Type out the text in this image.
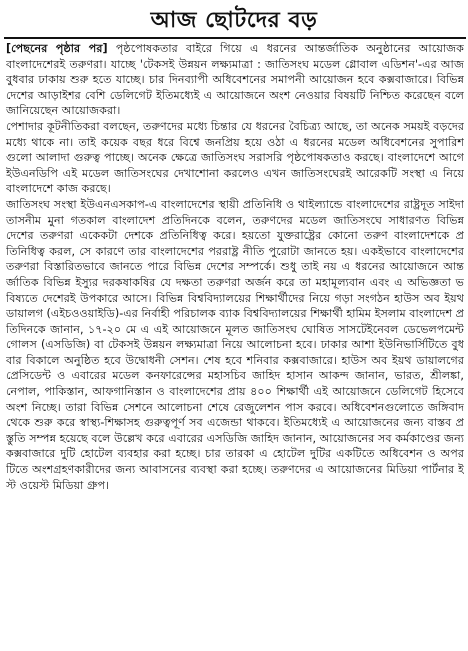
আজ ছোটদের বড়

[পেছনের পৃষ্ঠার পর] পৃষ্ঠপোষকতার বাইরে গিয়ে এ ধরনের আন্তর্জাতিক অনুষ্ঠানের আয়োজক বাংলাদেশেরই তরুণরা। যাচ্ছে 'টেকসই উন্নয়ন লক্ষ্যমাত্রা : জাতিসংঘ মডেল গ্লোবাল এডিশন'-এর আজ বুধবার ঢাকায় শুরু হতে যাচ্ছে। চার দিনব্যাপী অধিবেশনের সমাপনী আয়োজন হবে কক্সবাজারে। বিভিন্ন দেশের আড়াইশর বেশি ডেলিগেট ইতিমধ্যেই এ আয়োজনে অংশ নেওয়ার বিষয়টি নিশ্চিত করেছেন বলে জানিয়েছেন আয়োজকরা।

পেশাদার কূটনীতিকরা বলছেন, তরুণদের মধ্যে চিন্তার যে ধরনের বৈচিত্র্য আছে, তা অনেক সময়ই বড়দের মধ্যে থাকে না। তাই কয়েক বছর ধরে বিশ্বে জনপ্রিয় হয়ে ওঠা এ ধরনের মডেল অধিবেশনের সুপারিশগুলো আলাদা গুরুত্ব পাচ্ছে। অনেক ক্ষেত্রে জাতিসংঘ সরাসরি পৃষ্ঠপোষকতাও করছে। বাংলাদেশে আগে ইউএনডিপি এই মডেল জাতিসংঘের দেখাশোনা করলেও এখন জাতিসংঘেরই আরেকটি সংস্থা এ নিয়ে বাংলাদেশে কাজ করছে।

জাতিসংঘ সংস্থা ইউএনএসকাপ-এ বাংলাদেশের স্থায়ী প্রতিনিধি ও থাইল্যান্ডে বাংলাদেশের রাষ্ট্রদূত সাইদা তাসনীম মুনা গতকাল বাংলাদেশ প্রতিদিনকে বলেন, তরুণদের মডেল জাতিসংঘে সাধারণত বিভিন্ন দেশের তরুণরা একেকটা দেশকে প্রতিনিধিত্ব করে। হয়তো যুক্তরাষ্ট্রের কোনো তরুণ বাংলাদেশকে প্রতিনিধিত্ব করল, সে কারণে তার বাংলাদেশের পররাষ্ট্র নীতি পুরোটা জানতে হয়। একইভাবে বাংলাদেশের তরুণরা বিস্তারিতভাবে জানতে পারে বিভিন্ন দেশের সম্পর্কে। শুধু তাই নয় এ ধরনের আয়োজনে আন্তর্জাতিক বিভিন্ন ইস্যুর দরকষাকষির যে দক্ষতা তরুণরা অর্জন করে তা মহামূল্যবান এবং এ অভিজ্ঞতা ভবিষ্যতে দেশেরই উপকারে আসে। বিভিন্ন বিশ্ববিদ্যালয়ের শিক্ষার্থীদের নিয়ে গড়া সংগঠন হাউস অব ইয়থ ডায়ালগ (এইচওওয়াইডি)-এর নির্বাহী পরিচালক ব্যাক বিশ্ববিদ্যালয়ের শিক্ষার্থী হামিম ইসলাম বাংলাদেশ প্রতিদিনকে জানান, ১৭-২০ মে এ এই আয়োজনে মূলত জাতিসংঘ ঘোষিত সাসটেইনেবল ডেভেলপমেন্ট গোলস (এসডিজি) বা টেকসই উন্নয়ন লক্ষ্যমাত্রা নিয়ে আলোচনা হবে। ঢাকার আশা ইউনিভার্সিটিতে বুধবার বিকালে অনুষ্ঠিত হবে উদ্বোধনী সেশন। শেষ হবে শনিবার কক্সবাজারে। হাউস অব ইয়থ ডায়ালগের প্রেসিডেন্ট ও এবারের মডেল কনফারেন্সের মহাসচিব জাহিদ হাসান আকন্দ জানান, ভারত, শ্রীলঙ্কা, নেপাল, পাকিস্তান, আফগানিস্তান ও বাংলাদেশের প্রায় ৪০০ শিক্ষার্থী এই আয়োজনে ডেলিগেট হিসেবে অংশ নিচ্ছে। তারা বিভিন্ন সেশনে আলোচনা শেষে রেজুলেশন পাস করবে। অধিবেশনগুলোতে জঙ্গিবাদ থেকে শুরু করে স্বাস্থ্য-শিক্ষাসহ গুরুত্বপূর্ণ সব এজেন্ডা থাকবে। ইতিমধ্যেই এ আয়োজনের জন্য বাস্তব প্রস্তুতি সম্পন্ন হয়েছে বলে উল্লেখ করে এবারের এসডিজি জাহিদ জানান, আয়োজনের সব কর্মকাণ্ডের জন্য কক্সবাজারে দুটি হোটেল ব্যবহার করা হচ্ছে। চার তারকা এ হোটেল দুটির একটিতে অধিবেশন ও অপরটিতে অংশগ্রহণকারীদের জন্য আবাসনের ব্যবস্থা করা হচ্ছে। তরুণদের এ আয়োজনের মিডিয়া পার্টনার ইস্ট ওয়েস্ট মিডিয়া গ্রুপ।
